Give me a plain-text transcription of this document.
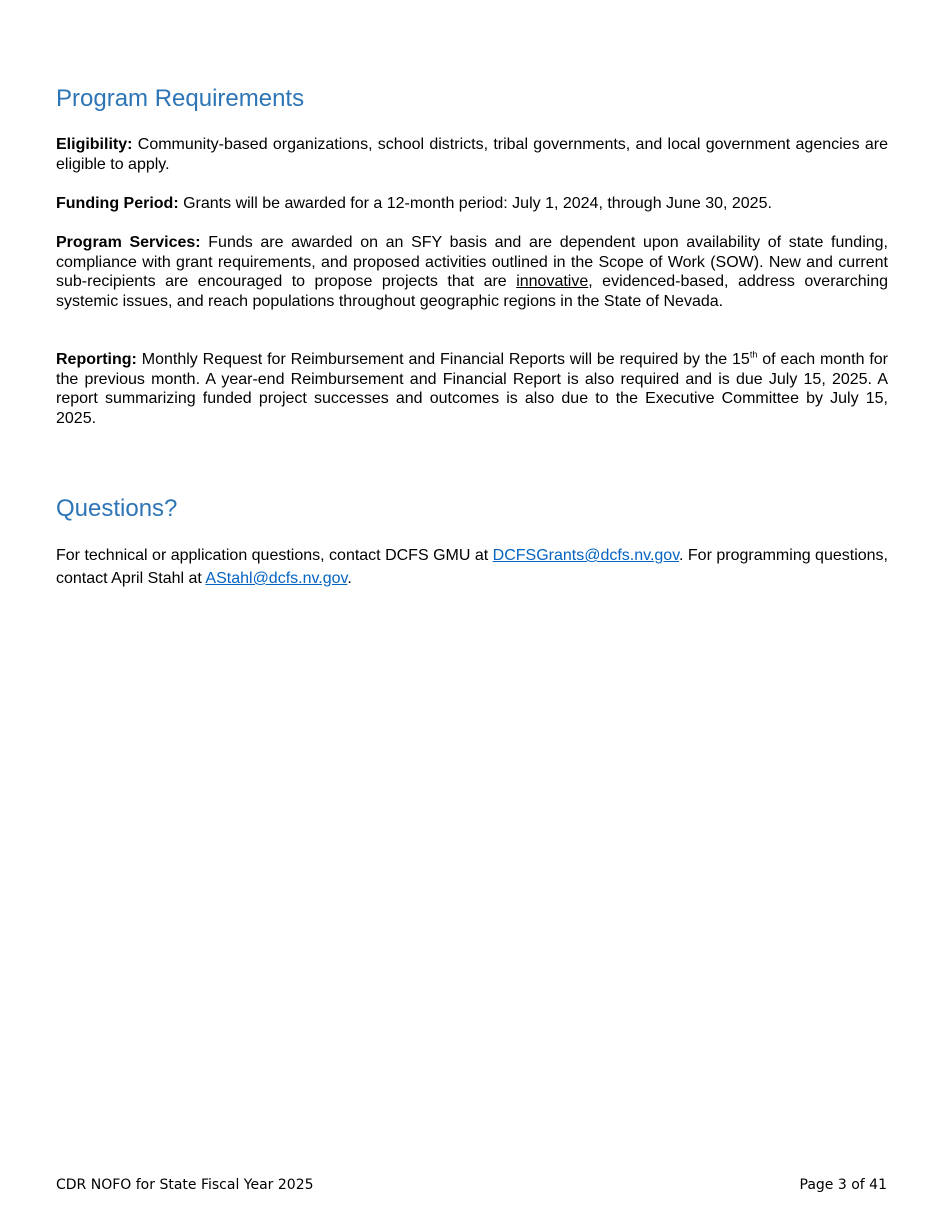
Program Requirements

Eligibility: Community-based organizations, school districts, tribal governments, and local government agencies are eligible to apply.

Funding Period: Grants will be awarded for a 12-month period: July 1, 2024, through June 30, 2025.

Program Services: Funds are awarded on an SFY basis and are dependent upon availability of state funding, compliance with grant requirements, and proposed activities outlined in the Scope of Work (SOW). New and current sub-recipients are encouraged to propose projects that are innovative, evidenced-based, address overarching systemic issues, and reach populations throughout geographic regions in the State of Nevada.

Reporting: Monthly Request for Reimbursement and Financial Reports will be required by the 15th of each month for the previous month. A year-end Reimbursement and Financial Report is also required and is due July 15, 2025. A report summarizing funded project successes and outcomes is also due to the Executive Committee by July 15, 2025.

Questions?

For technical or application questions, contact DCFS GMU at DCFSGrants@dcfs.nv.gov. For programming questions, contact April Stahl at AStahl@dcfs.nv.gov.

CDR NOFO for State Fiscal Year 2025	Page 3 of 41
